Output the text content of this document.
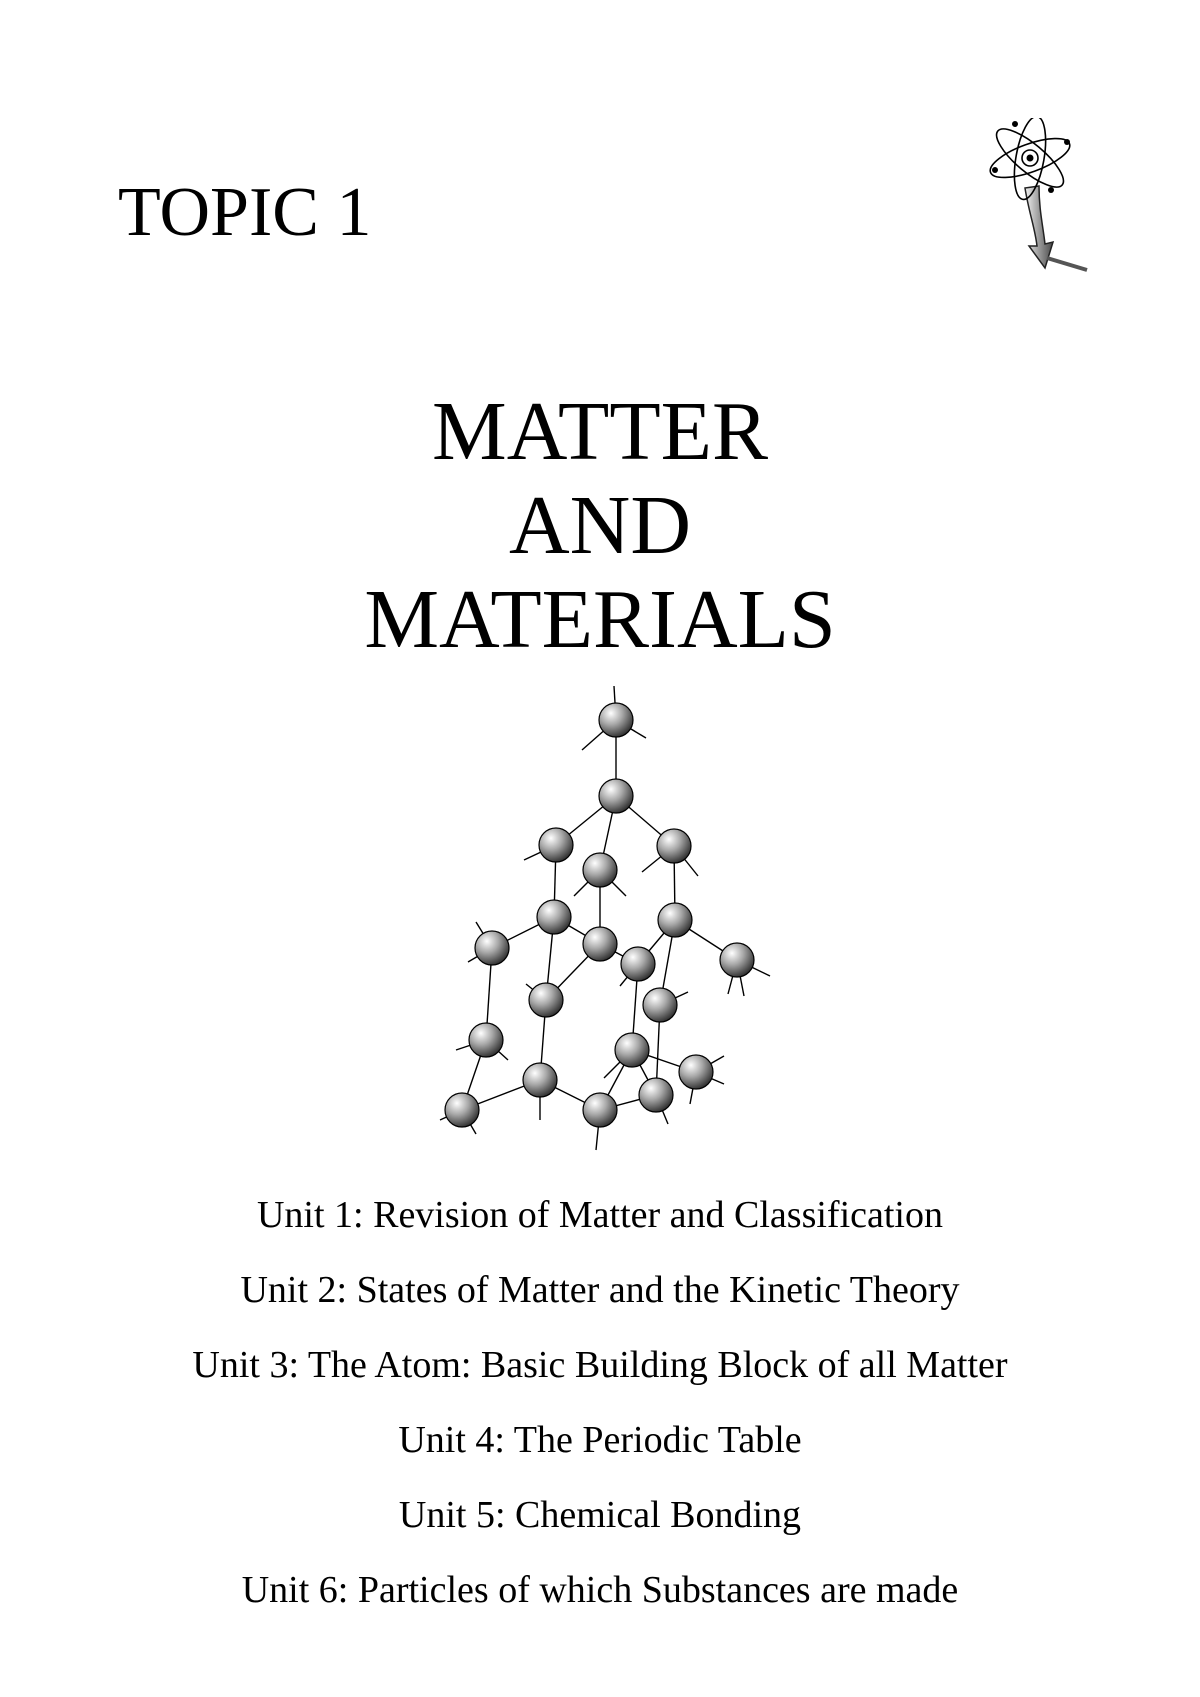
TOPIC 1
MATTER
AND
MATERIALS
Unit 1: Revision of Matter and Classification
Unit 2: States of Matter and the Kinetic Theory
Unit 3: The Atom: Basic Building Block of all Matter
Unit 4: The Periodic Table
Unit 5: Chemical Bonding
Unit 6: Particles of which Substances are made
